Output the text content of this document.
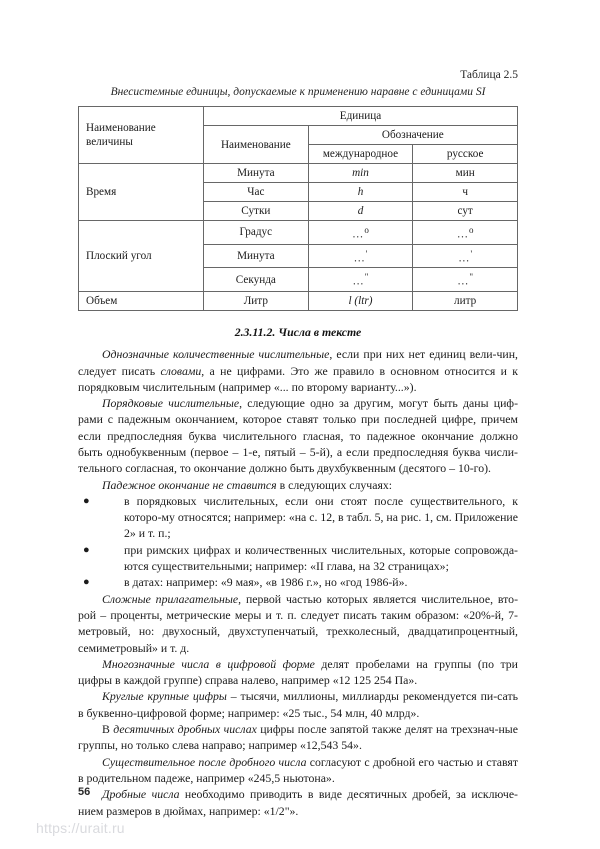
Таблица 2.5
Внесистемные единицы, допускаемые к применению наравне с единицами SI
Наименование величины	Единица		
	Наименование	Обозначение	
		международное	русское
Время	Минута	min	мин
	Час	h	ч
	Сутки	d	сут
Плоский угол	Градус	…$^о$	…$^о$
	Минута	…'	…'
	Секунда	…"	…"
Объем	Литр	l (ltr)	литр
2.3.11.2. Числа в тексте

Однозначные количественные числительные, если при них нет единиц вели-чин, следует писать словами, а не цифрами. Это же правило в основном относится и к порядковым числительным (например «... по второму варианту...»).

Порядковые числительные, следующие одно за другим, могут быть даны циф-рами с падежным окончанием, которое ставят только при последней цифре, причем если предпоследняя буква числительного гласная, то падежное окончание должно быть однобуквенным (первое – 1-е, пятый – 5-й), а если предпоследняя буква числи-тельного согласная, то окончание должно быть двухбуквенным (десятого – 10-го).

Падежное окончание не ставится в следующих случаях:

●	в порядковых числительных, если они стоят после существительного, к которо-му относятся; например: «на с. 12, в табл. 5, на рис. 1, см. Приложение 2» и т. п.;
●	при римских цифрах и количественных числительных, которые сопровожда-ются существительными; например: «II глава, на 32 страницах»;
●	в датах: например: «9 мая», «в 1986 г.», но «год 1986-й».

Сложные прилагательные, первой частью которых является числительное, вто-рой – проценты, метрические меры и т. п. следует писать таким образом: «20%-й, 7-метровый, но: двухосный, двухступенчатый, трехколесный, двадцатипроцентный, семиметровый» и т. д.

Многозначные числа в цифровой форме делят пробелами на группы (по три цифры в каждой группе) справа налево, например «12 125 254 Па».

Круглые крупные цифры – тысячи, миллионы, миллиарды рекомендуется пи-сать в буквенно-цифровой форме; например: «25 тыс., 54 млн, 40 млрд».

В десятичных дробных числах цифры после запятой также делят на трехзнач-ные группы, но только слева направо; например «12,543 54».

Существительное после дробного числа согласуют с дробной его частью и ставят в родительном падеже, например «245,5 ньютона».

Дробные числа необходимо приводить в виде десятичных дробей, за исключе-нием размеров в дюймах, например: «1/2"».

56
https://urait.ru
